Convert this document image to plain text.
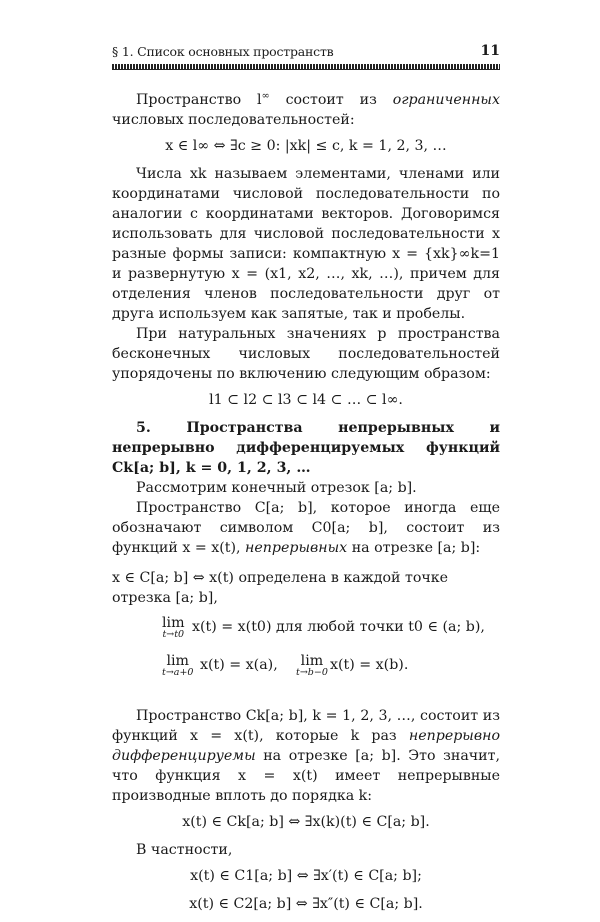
§ 1. Список основных пространств	11

Пространство l∞ состоит из ограниченных числовых последовательностей:

x ∈ l∞ ⇔ ∃c ≥ 0: |xk| ≤ c, k = 1, 2, 3, …

Числа xk называем элементами, членами или координатами числовой последовательности по аналогии с координатами векторов. Договоримся использовать для числовой последовательности x разные формы записи: компактную x = {xk}∞k=1 и развернутую x = (x1, x2, …, xk, …), причем для отделения членов последовательности друг от друга используем как запятые, так и пробелы.

При натуральных значениях p пространства бесконечных числовых последовательностей упорядочены по включению следующим образом:

l1 ⊂ l2 ⊂ l3 ⊂ l4 ⊂ … ⊂ l∞.

5. Пространства непрерывных и непрерывно дифференцируемых функций Ck[a; b], k = 0, 1, 2, 3, …

Рассмотрим конечный отрезок [a; b].

Пространство C[a; b], которое иногда еще обозначают символом C0[a; b], состоит из функций x = x(t), непрерывных на отрезке [a; b]:

x ∈ C[a; b] ⇔ x(t) определена в каждой точке отрезка [a; b],

lim
t→t0 x(t) = x(t0) для любой точки t0 ∈ (a; b),
lim
t→a+0 x(t) = x(a),	lim
t→b−0 x(t) = x(b).

Пространство Ck[a; b], k = 1, 2, 3, …, состоит из функций x = x(t), которые k раз непрерывно дифференцируемы на отрезке [a; b]. Это значит, что функция x = x(t) имеет непрерывные производные вплоть до порядка k:

x(t) ∈ Ck[a; b] ⇔ ∃x(k)(t) ∈ C[a; b].

В частности,

x(t) ∈ C1[a; b] ⇔ ∃x′(t) ∈ C[a; b];

x(t) ∈ C2[a; b] ⇔ ∃x″(t) ∈ C[a; b].
